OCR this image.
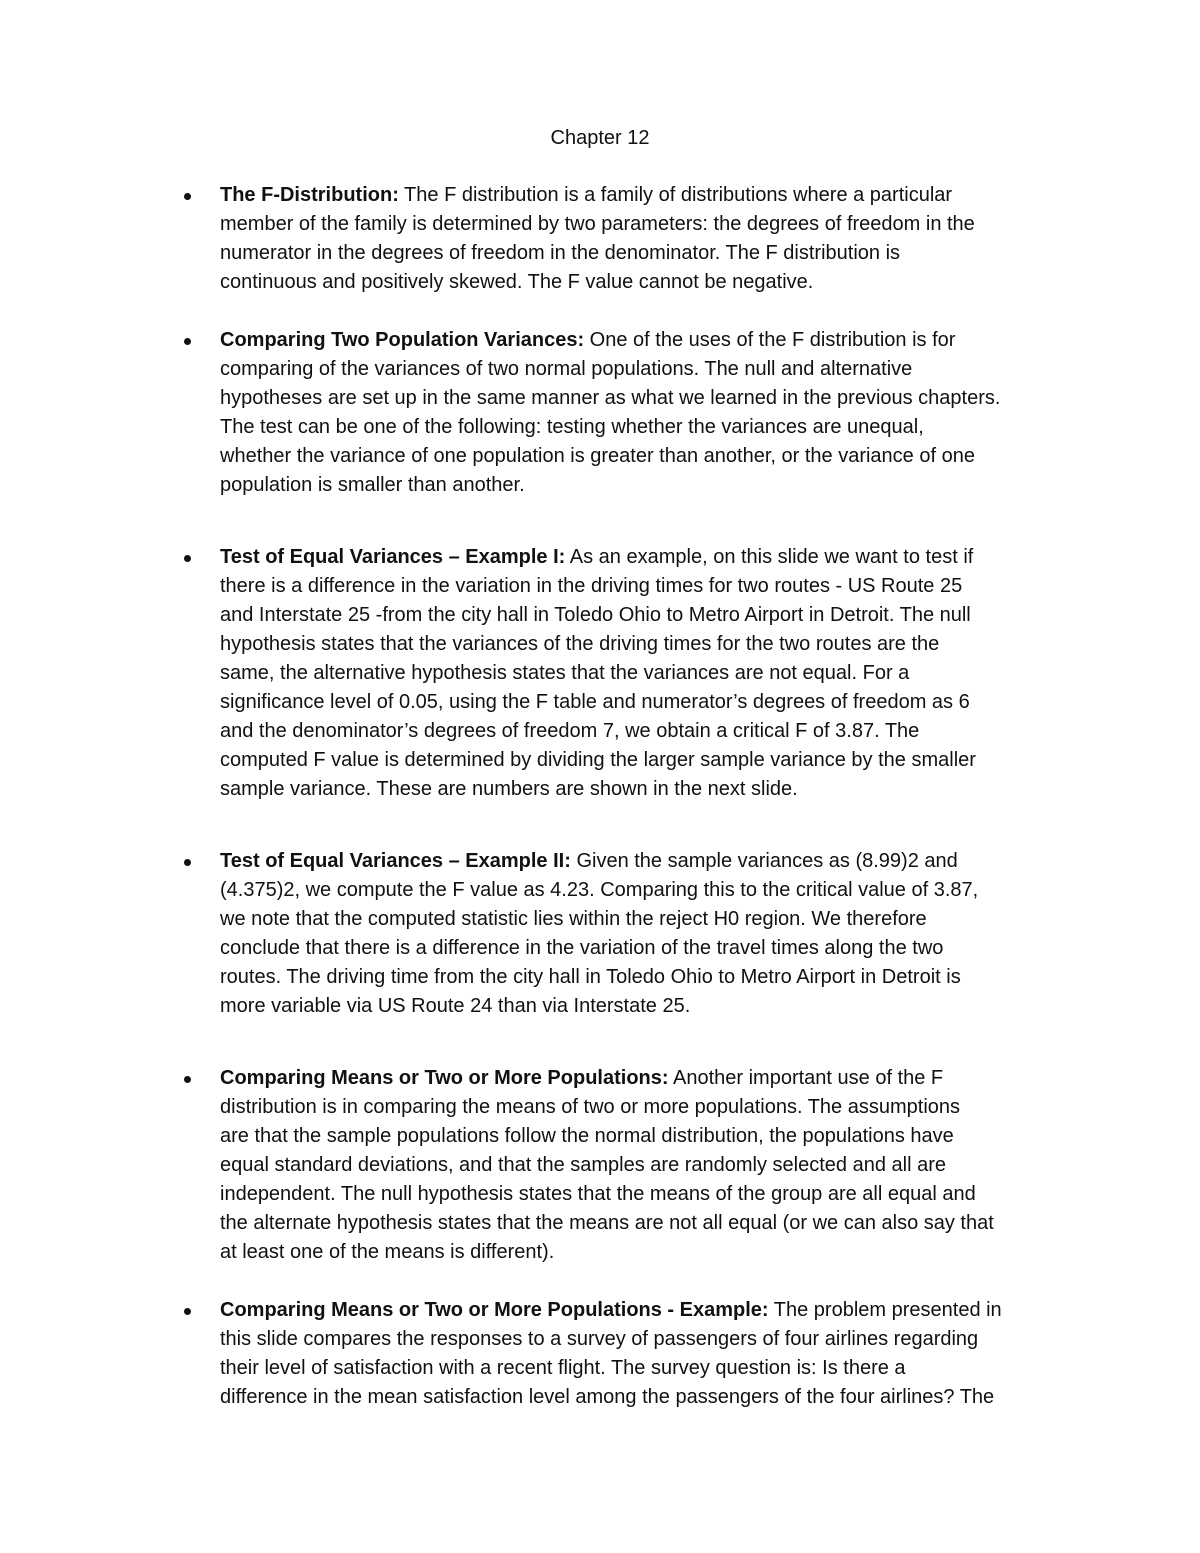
Chapter 12
The F-Distribution: The F distribution is a family of distributions where a particular
member of the family is determined by two parameters: the degrees of freedom in the
numerator in the degrees of freedom in the denominator. The F distribution is
continuous and positively skewed. The F value cannot be negative.
Comparing Two Population Variances: One of the uses of the F distribution is for
comparing of the variances of two normal populations. The null and alternative
hypotheses are set up in the same manner as what we learned in the previous chapters.
The test can be one of the following: testing whether the variances are unequal,
whether the variance of one population is greater than another, or the variance of one
population is smaller than another.
Test of Equal Variances – Example I: As an example, on this slide we want to test if
there is a difference in the variation in the driving times for two routes - US Route 25
and Interstate 25 -from the city hall in Toledo Ohio to Metro Airport in Detroit. The null
hypothesis states that the variances of the driving times for the two routes are the
same, the alternative hypothesis states that the variances are not equal. For a
significance level of 0.05, using the F table and numerator’s degrees of freedom as 6
and the denominator’s degrees of freedom 7, we obtain a critical F of 3.87. The
computed F value is determined by dividing the larger sample variance by the smaller
sample variance. These are numbers are shown in the next slide.
Test of Equal Variances – Example II: Given the sample variances as (8.99)2 and
(4.375)2, we compute the F value as 4.23. Comparing this to the critical value of 3.87,
we note that the computed statistic lies within the reject H0 region. We therefore
conclude that there is a difference in the variation of the travel times along the two
routes. The driving time from the city hall in Toledo Ohio to Metro Airport in Detroit is
more variable via US Route 24 than via Interstate 25.
Comparing Means or Two or More Populations: Another important use of the F
distribution is in comparing the means of two or more populations. The assumptions
are that the sample populations follow the normal distribution, the populations have
equal standard deviations, and that the samples are randomly selected and all are
independent. The null hypothesis states that the means of the group are all equal and
the alternate hypothesis states that the means are not all equal (or we can also say that
at least one of the means is different).
Comparing Means or Two or More Populations - Example: The problem presented in
this slide compares the responses to a survey of passengers of four airlines regarding
their level of satisfaction with a recent flight. The survey question is: Is there a
difference in the mean satisfaction level among the passengers of the four airlines? The
